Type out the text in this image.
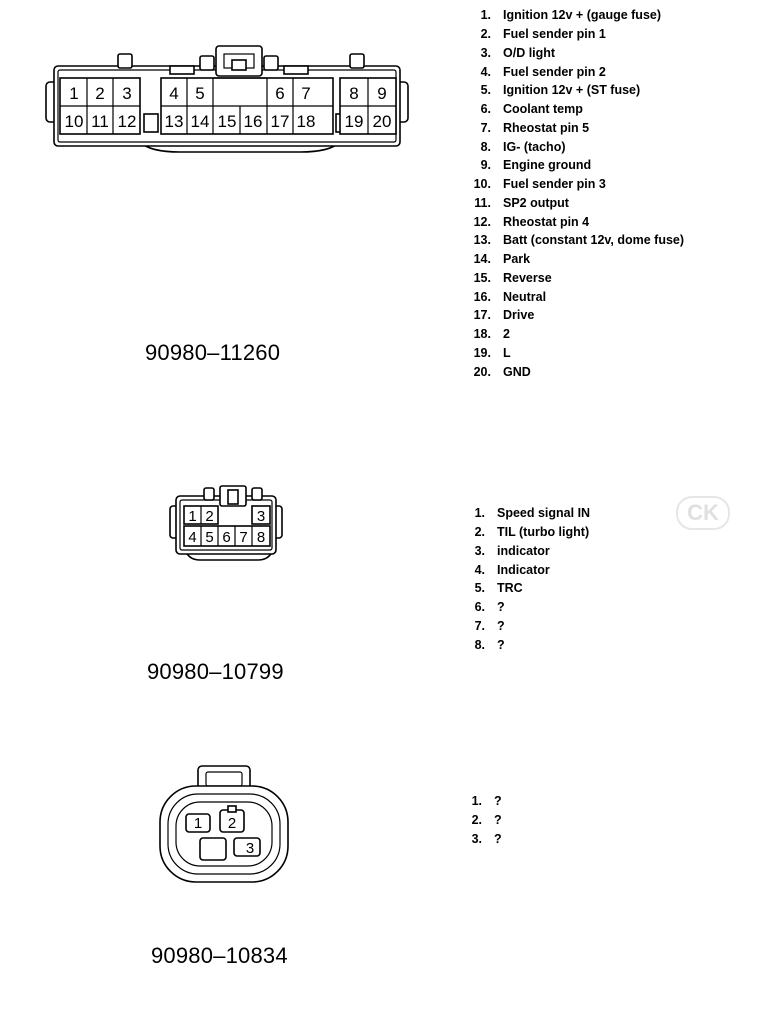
1 2 3 4 5	6 7 8 9
10 11 12 13 14 15 16 17 18 19 20
90980–11260
1. Ignition 12v + (gauge fuse)
2. Fuel sender pin 1
3. O/D light
4. Fuel sender pin 2
5. Ignition 12v + (ST fuse)
6. Coolant temp
7. Rheostat pin 5
8. IG- (tacho)
9. Engine ground
10. Fuel sender pin 3
11. SP2 output
12. Rheostat pin 4
13. Batt (constant 12v, dome fuse)
14. Park
15. Reverse
16. Neutral
17. Drive
18. 2
19. L
20. GND
1 2	3
4 5 6 7 8
90980–10799
1. Speed signal IN
2. TIL (turbo light)
3. indicator
4. Indicator
5. TRC
6. ?
7. ?
8. ?
CK
1 2
3
90980–10834
1. ?
2. ?
3. ?
